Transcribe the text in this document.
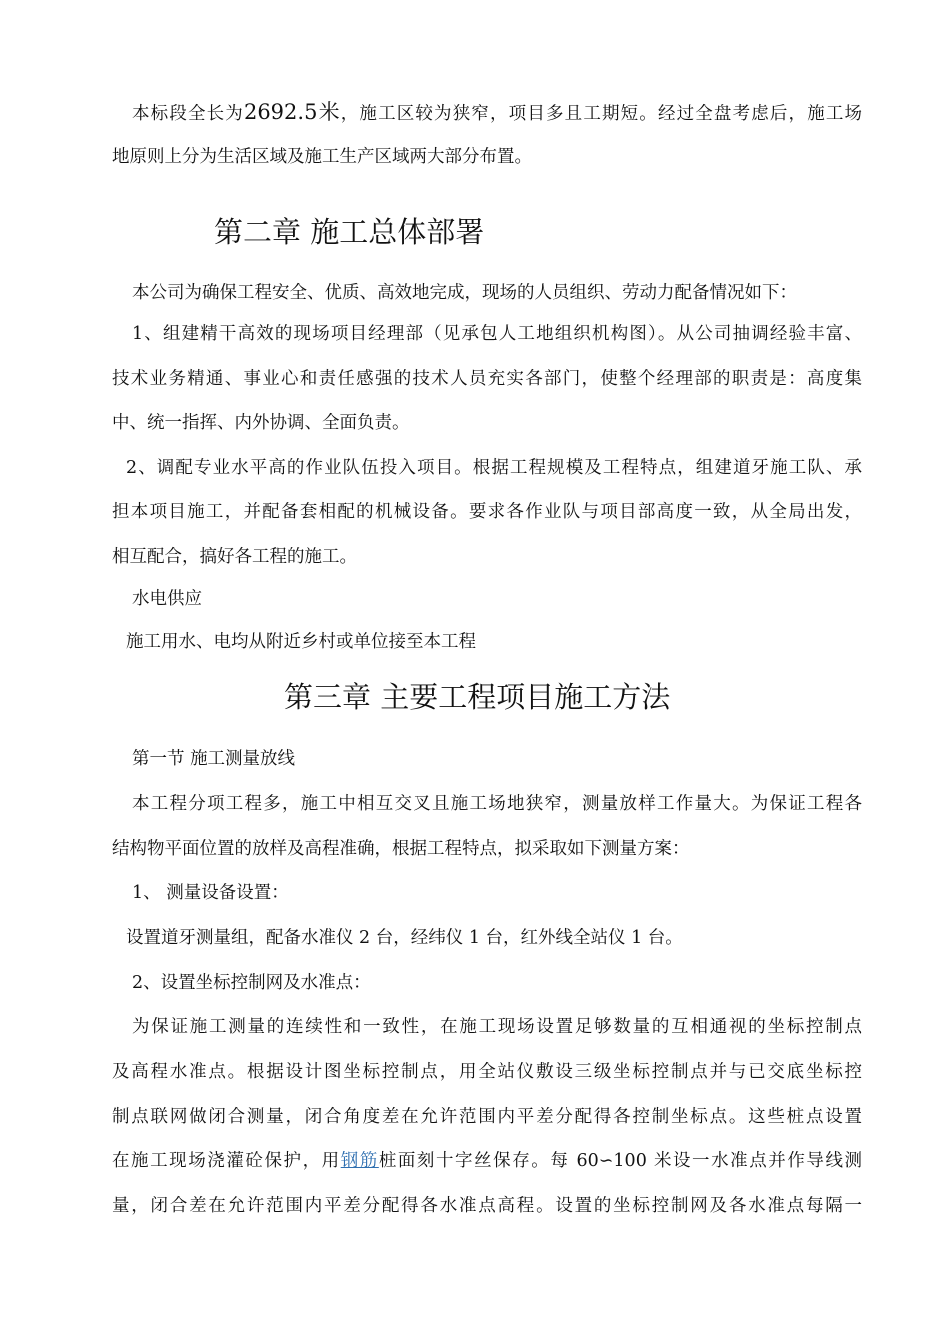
本标段全长为2692.5米，施工区较为狭窄，项目多且工期短。经过全盘考虑后，施工场
地原则上分为生活区域及施工生产区域两大部分布置。
第二章 施工总体部署
本公司为确保工程安全、优质、高效地完成，现场的人员组织、劳动力配备情况如下：
1、组建精干高效的现场项目经理部（见承包人工地组织机构图）。从公司抽调经验丰富、
技术业务精通、事业心和责任感强的技术人员充实各部门，使整个经理部的职责是：高度集
中、统一指挥、内外协调、全面负责。
2、调配专业水平高的作业队伍投入项目。根据工程规模及工程特点，组建道牙施工队、承
担本项目施工，并配备套相配的机械设备。要求各作业队与项目部高度一致，从全局出发，
相互配合，搞好各工程的施工。
水电供应
施工用水、电均从附近乡村或单位接至本工程
第三章 主要工程项目施工方法
第一节 施工测量放线
本工程分项工程多，施工中相互交叉且施工场地狭窄，测量放样工作量大。为保证工程各
结构物平面位置的放样及高程准确，根据工程特点，拟采取如下测量方案：
1、 测量设备设置：
设置道牙测量组，配备水准仪 2 台，经纬仪 1 台，红外线全站仪 1 台。
2、设置坐标控制网及水准点：
为保证施工测量的连续性和一致性，在施工现场设置足够数量的互相通视的坐标控制点
及高程水准点。根据设计图坐标控制点，用全站仪敷设三级坐标控制点并与已交底坐标控
制点联网做闭合测量，闭合角度差在允许范围内平差分配得各控制坐标点。这些桩点设置
在施工现场浇灌砼保护，用钢筋桩面刻十字丝保存。每 60∽100 米设一水准点并作导线测
量，闭合差在允许范围内平差分配得各水准点高程。设置的坐标控制网及各水准点每隔一
